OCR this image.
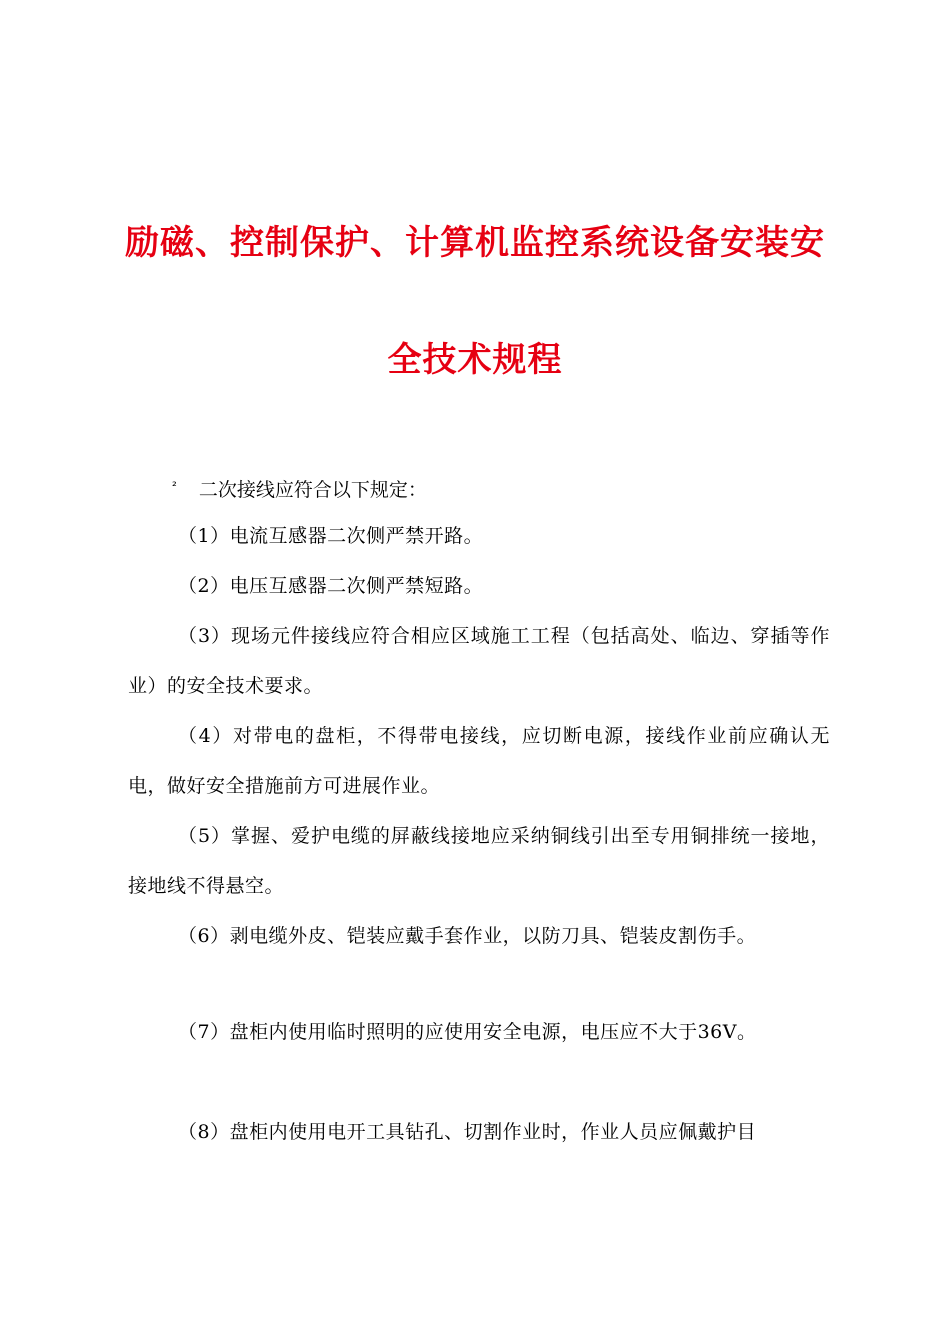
励磁、控制保护、计算机监控系统设备安装安
全技术规程
$^{^2}$ 二次接线应符合以下规定：
（1）电流互感器二次侧严禁开路。
（2）电压互感器二次侧严禁短路。
（3）现场元件接线应符合相应区域施工工程（包括高处、临边、穿插等作业）的安全技术要求。
（4）对带电的盘柜，不得带电接线，应切断电源，接线作业前应确认无电，做好安全措施前方可进展作业。
（5）掌握、爱护电缆的屏蔽线接地应采纳铜线引出至专用铜排统一接地，接地线不得悬空。
（6）剥电缆外皮、铠装应戴手套作业，以防刀具、铠装皮割伤手。
（7）盘柜内使用临时照明的应使用安全电源，电压应不大于36V。
（8）盘柜内使用电开工具钻孔、切割作业时，作业人员应佩戴护目
